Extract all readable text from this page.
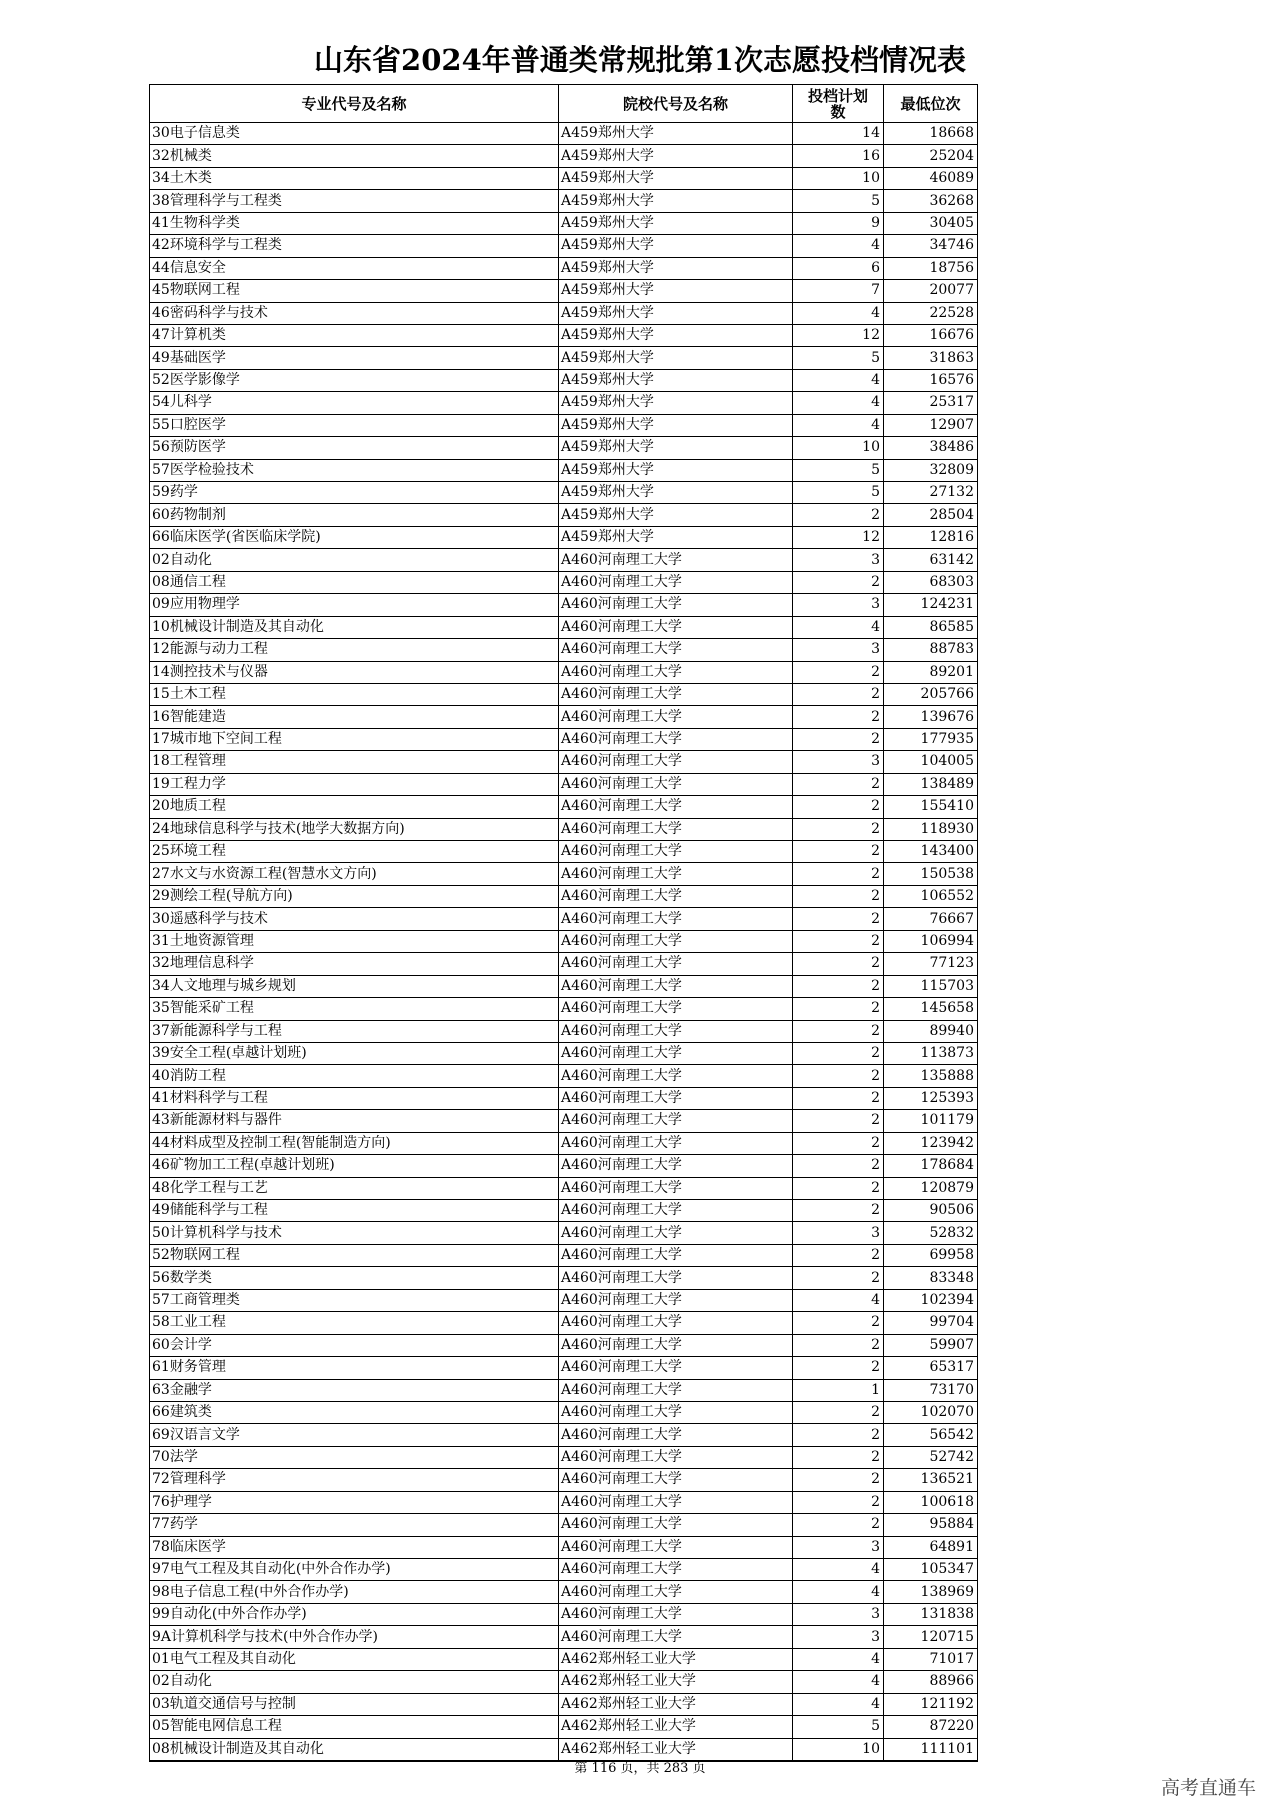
山东省2024年普通类常规批第1次志愿投档情况表
专业代号及名称	院校代号及名称	投档计划数	最低位次
30电子信息类	A459郑州大学	14	18668
32机械类	A459郑州大学	16	25204
34土木类	A459郑州大学	10	46089
38管理科学与工程类	A459郑州大学	5	36268
41生物科学类	A459郑州大学	9	30405
42环境科学与工程类	A459郑州大学	4	34746
44信息安全	A459郑州大学	6	18756
45物联网工程	A459郑州大学	7	20077
46密码科学与技术	A459郑州大学	4	22528
47计算机类	A459郑州大学	12	16676
49基础医学	A459郑州大学	5	31863
52医学影像学	A459郑州大学	4	16576
54儿科学	A459郑州大学	4	25317
55口腔医学	A459郑州大学	4	12907
56预防医学	A459郑州大学	10	38486
57医学检验技术	A459郑州大学	5	32809
59药学	A459郑州大学	5	27132
60药物制剂	A459郑州大学	2	28504
66临床医学(省医临床学院)	A459郑州大学	12	12816
02自动化	A460河南理工大学	3	63142
08通信工程	A460河南理工大学	2	68303
09应用物理学	A460河南理工大学	3	124231
10机械设计制造及其自动化	A460河南理工大学	4	86585
12能源与动力工程	A460河南理工大学	3	88783
14测控技术与仪器	A460河南理工大学	2	89201
15土木工程	A460河南理工大学	2	205766
16智能建造	A460河南理工大学	2	139676
17城市地下空间工程	A460河南理工大学	2	177935
18工程管理	A460河南理工大学	3	104005
19工程力学	A460河南理工大学	2	138489
20地质工程	A460河南理工大学	2	155410
24地球信息科学与技术(地学大数据方向)	A460河南理工大学	2	118930
25环境工程	A460河南理工大学	2	143400
27水文与水资源工程(智慧水文方向)	A460河南理工大学	2	150538
29测绘工程(导航方向)	A460河南理工大学	2	106552
30遥感科学与技术	A460河南理工大学	2	76667
31土地资源管理	A460河南理工大学	2	106994
32地理信息科学	A460河南理工大学	2	77123
34人文地理与城乡规划	A460河南理工大学	2	115703
35智能采矿工程	A460河南理工大学	2	145658
37新能源科学与工程	A460河南理工大学	2	89940
39安全工程(卓越计划班)	A460河南理工大学	2	113873
40消防工程	A460河南理工大学	2	135888
41材料科学与工程	A460河南理工大学	2	125393
43新能源材料与器件	A460河南理工大学	2	101179
44材料成型及控制工程(智能制造方向)	A460河南理工大学	2	123942
46矿物加工工程(卓越计划班)	A460河南理工大学	2	178684
48化学工程与工艺	A460河南理工大学	2	120879
49储能科学与工程	A460河南理工大学	2	90506
50计算机科学与技术	A460河南理工大学	3	52832
52物联网工程	A460河南理工大学	2	69958
56数学类	A460河南理工大学	2	83348
57工商管理类	A460河南理工大学	4	102394
58工业工程	A460河南理工大学	2	99704
60会计学	A460河南理工大学	2	59907
61财务管理	A460河南理工大学	2	65317
63金融学	A460河南理工大学	1	73170
66建筑类	A460河南理工大学	2	102070
69汉语言文学	A460河南理工大学	2	56542
70法学	A460河南理工大学	2	52742
72管理科学	A460河南理工大学	2	136521
76护理学	A460河南理工大学	2	100618
77药学	A460河南理工大学	2	95884
78临床医学	A460河南理工大学	3	64891
97电气工程及其自动化(中外合作办学)	A460河南理工大学	4	105347
98电子信息工程(中外合作办学)	A460河南理工大学	4	138969
99自动化(中外合作办学)	A460河南理工大学	3	131838
9A计算机科学与技术(中外合作办学)	A460河南理工大学	3	120715
01电气工程及其自动化	A462郑州轻工业大学	4	71017
02自动化	A462郑州轻工业大学	4	88966
03轨道交通信号与控制	A462郑州轻工业大学	4	121192
05智能电网信息工程	A462郑州轻工业大学	5	87220
08机械设计制造及其自动化	A462郑州轻工业大学	10	111101
第 116 页，共 283 页
高考直通车
